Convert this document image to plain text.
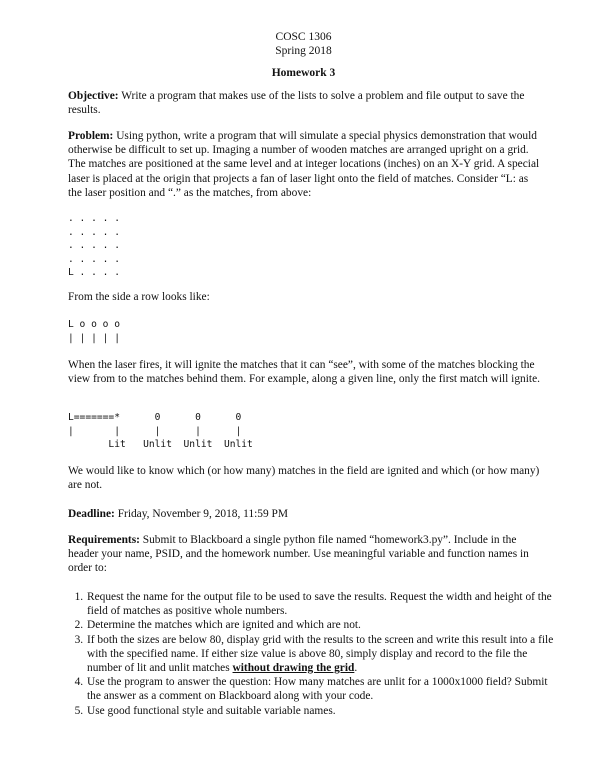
COSC 1306
Spring 2018
Homework 3
Objective: Write a program that makes use of the lists to solve a problem and file output to save the results.
Problem: Using python, write a program that will simulate a special physics demonstration that would otherwise be difficult to set up. Imaging a number of wooden matches are arranged upright on a grid. The matches are positioned at the same level and at integer locations (inches) on an X-Y grid. A special laser is placed at the origin that projects a fan of laser light onto the field of matches. Consider “L: as the laser position and “.” as the matches, from above:
. . . . .
. . . . .
. . . . .
. . . . .
L . . . .
From the side a row looks like:
L o o o o
| | | | |
When the laser fires, it will ignite the matches that it can “see”, with some of the matches blocking the view from to the matches behind them. For example, along a given line, only the first match will ignite.
L=======*      0      0      0
|       |      |      |      |
Lit   Unlit  Unlit  Unlit
We would like to know which (or how many) matches in the field are ignited and which (or how many) are not.
Deadline: Friday, November 9, 2018, 11:59 PM
Requirements: Submit to Blackboard a single python file named “homework3.py”. Include in the header your name, PSID, and the homework number. Use meaningful variable and function names in order to:
1. Request the name for the output file to be used to save the results. Request the width and height of the field of matches as positive whole numbers.
2. Determine the matches which are ignited and which are not.
3. If both the sizes are below 80, display grid with the results to the screen and write this result into a file with the specified name. If either size value is above 80, simply display and record to the file the number of lit and unlit matches without drawing the grid.
4. Use the program to answer the question: How many matches are unlit for a 1000x1000 field? Submit the answer as a comment on Blackboard along with your code.
5. Use good functional style and suitable variable names.
